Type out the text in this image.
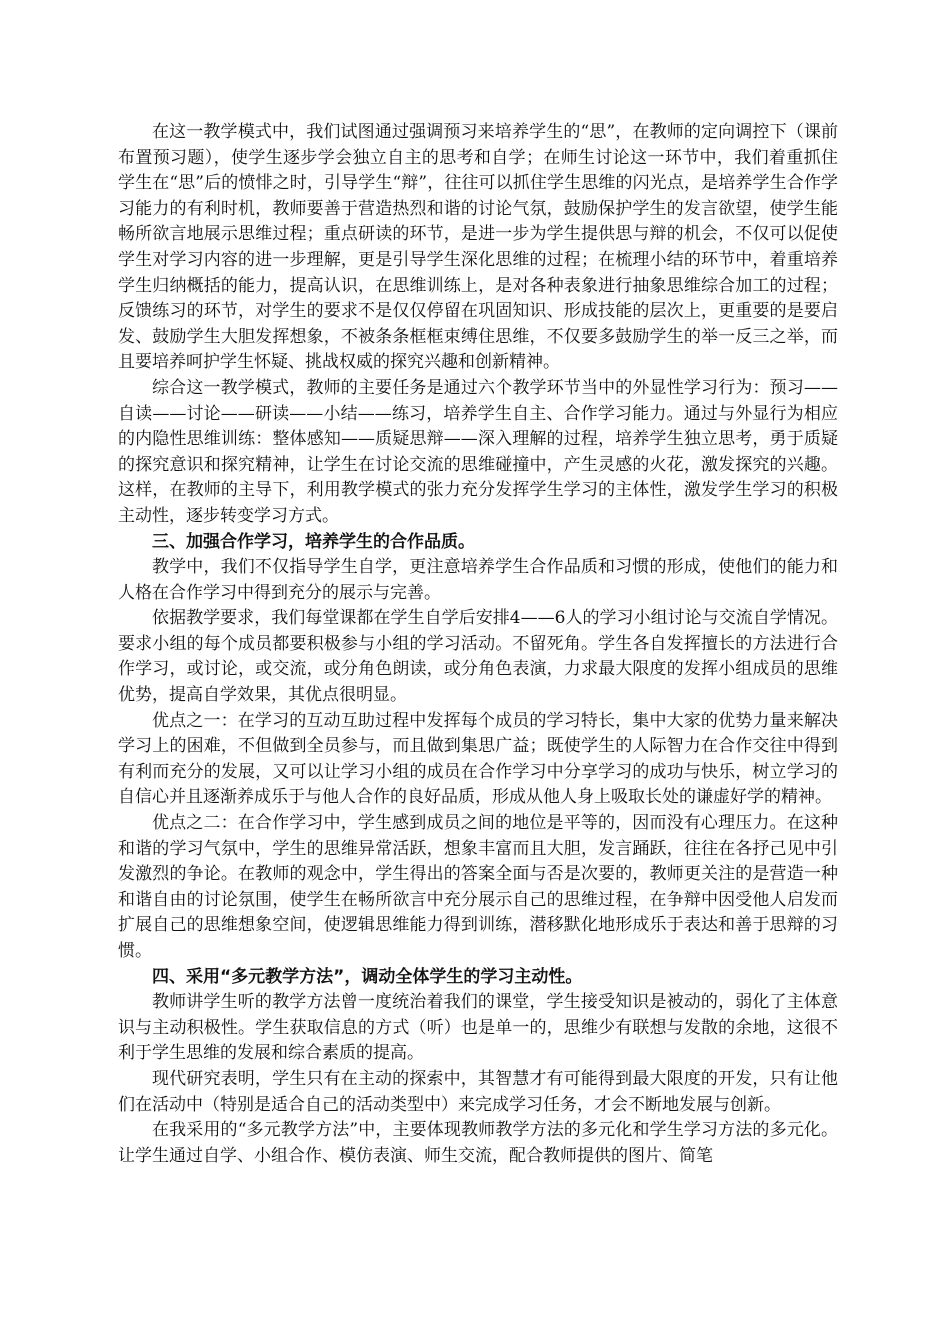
在这一教学模式中，我们试图通过强调预习来培养学生的“思”，在教师的定向调控下（课前布置预习题），使学生逐步学会独立自主的思考和自学；在师生讨论这一环节中，我们着重抓住学生在“思”后的愤悱之时，引导学生“辩”，往往可以抓住学生思维的闪光点，是培养学生合作学习能力的有利时机，教师要善于营造热烈和谐的讨论气氛，鼓励保护学生的发言欲望，使学生能畅所欲言地展示思维过程；重点研读的环节，是进一步为学生提供思与辩的机会，不仅可以促使学生对学习内容的进一步理解，更是引导学生深化思维的过程；在梳理小结的环节中，着重培养学生归纳概括的能力，提高认识，在思维训练上，是对各种表象进行抽象思维综合加工的过程；反馈练习的环节，对学生的要求不是仅仅停留在巩固知识、形成技能的层次上，更重要的是要启发、鼓励学生大胆发挥想象，不被条条框框束缚住思维，不仅要多鼓励学生的举一反三之举，而且要培养呵护学生怀疑、挑战权威的探究兴趣和创新精神。

综合这一教学模式，教师的主要任务是通过六个教学环节当中的外显性学习行为：预习——自读——讨论——研读——小结——练习，培养学生自主、合作学习能力。通过与外显行为相应的内隐性思维训练：整体感知——质疑思辩——深入理解的过程，培养学生独立思考，勇于质疑的探究意识和探究精神，让学生在讨论交流的思维碰撞中，产生灵感的火花，激发探究的兴趣。这样，在教师的主导下，利用教学模式的张力充分发挥学生学习的主体性，激发学生学习的积极主动性，逐步转变学习方式。

三、加强合作学习，培养学生的合作品质。

教学中，我们不仅指导学生自学，更注意培养学生合作品质和习惯的形成，使他们的能力和人格在合作学习中得到充分的展示与完善。

依据教学要求，我们每堂课都在学生自学后安排4——6人的学习小组讨论与交流自学情况。要求小组的每个成员都要积极参与小组的学习活动。不留死角。学生各自发挥擅长的方法进行合作学习，或讨论，或交流，或分角色朗读，或分角色表演，力求最大限度的发挥小组成员的思维优势，提高自学效果，其优点很明显。

优点之一：在学习的互动互助过程中发挥每个成员的学习特长，集中大家的优势力量来解决学习上的困难，不但做到全员参与，而且做到集思广益；既使学生的人际智力在合作交往中得到有利而充分的发展，又可以让学习小组的成员在合作学习中分享学习的成功与快乐，树立学习的自信心并且逐渐养成乐于与他人合作的良好品质，形成从他人身上吸取长处的谦虚好学的精神。

优点之二：在合作学习中，学生感到成员之间的地位是平等的，因而没有心理压力。在这种和谐的学习气氛中，学生的思维异常活跃，想象丰富而且大胆，发言踊跃，往往在各抒己见中引发激烈的争论。在教师的观念中，学生得出的答案全面与否是次要的，教师更关注的是营造一种和谐自由的讨论氛围，使学生在畅所欲言中充分展示自己的思维过程，在争辩中因受他人启发而扩展自己的思维想象空间，使逻辑思维能力得到训练，潜移默化地形成乐于表达和善于思辩的习惯。

四、采用“多元教学方法”，调动全体学生的学习主动性。

教师讲学生听的教学方法曾一度统治着我们的课堂，学生接受知识是被动的，弱化了主体意识与主动积极性。学生获取信息的方式（听）也是单一的，思维少有联想与发散的余地，这很不利于学生思维的发展和综合素质的提高。

现代研究表明，学生只有在主动的探索中，其智慧才有可能得到最大限度的开发，只有让他们在活动中（特别是适合自己的活动类型中）来完成学习任务，才会不断地发展与创新。

在我采用的“多元教学方法”中，主要体现教师教学方法的多元化和学生学习方法的多元化。让学生通过自学、小组合作、模仿表演、师生交流，配合教师提供的图片、简笔
